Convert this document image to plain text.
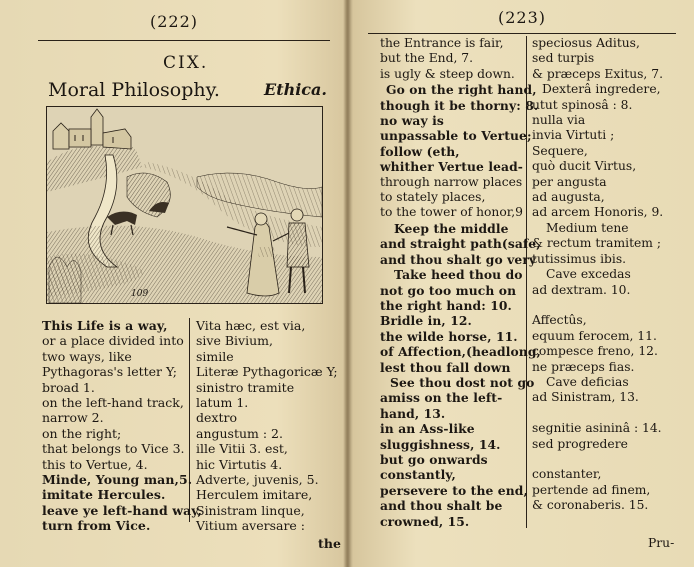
(222)
CIX.
Moral Philosophy.	Ethica.
109
This Life is a way,
or a place divided into
two ways, like
Pythagoras's letter Y;
broad 1.
on the left-hand track,
narrow 2.
on the right;
that belongs to Vice 3.
this to Vertue, 4.
Minde, Young man,5.
imitate Hercules.
leave ye left-hand way,
turn from Vice.
Vita hæc, est via,
sive Bivium,
simile
Literæ Pythagoricæ Y;
sinistro tramite
latum 1.
dextro
angustum : 2.
ille Vitii 3. est,
hic Virtutis 4.
Adverte, juvenis, 5.
Herculem imitare,
Sinistram linque,
Vitium aversare :
the
(223)
the Entrance is fair,
but the End, 7.
is ugly & steep down.
Go on the right hand,
though it be thorny: 8.
no way is
unpassable to Vertue;
follow (eth,
whither Vertue lead-
through narrow places
to stately places,
to the tower of honor,9
Keep the middle
and straight path(safe,
and thou shalt go very
Take heed thou do
not go too much on
the right hand: 10.
Bridle in, 12.
the wilde horse, 11.
of Affection,(headlong,
lest thou fall down
See thou dost not go
amiss on the left-
hand, 13.
in an Ass-like
sluggishness, 14.
but go onwards
constantly,
persevere to the end,
and thou shalt be
crowned, 15.
speciosus Aditus,
sed turpis
& præceps Exitus, 7.
Dexterâ ingredere,
utut spinosâ : 8.
nulla via
invia Virtuti ;
Sequere,
quò ducit Virtus,
per angusta
ad augusta,
ad arcem Honoris, 9.
Medium tene
& rectum tramitem ;
tutissimus ibis.
Cave excedas
ad dextram. 10.

Affectûs,
equum ferocem, 11.
compesce freno, 12.
ne præceps fias.
Cave deficias
ad Sinistram, 13.

segnitie asininâ : 14.
sed progredere

constanter,
pertende ad finem,
& coronaberis. 15.
Pru-
